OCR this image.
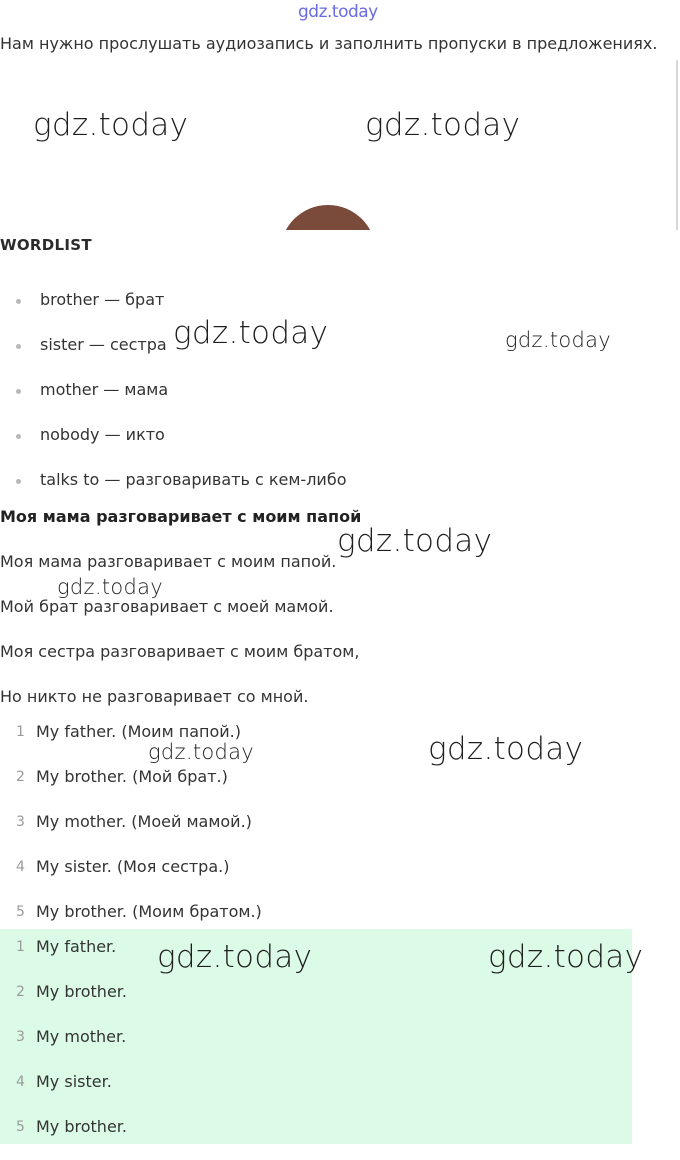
gdz.today
Нам нужно прослушать аудиозапись и заполнить пропуски в предложениях.
gdz.today	gdz.today
WORDLIST
brother — брат
sister — сестра
mother — мама
nobody — икто
talks to — разговаривать с кем-либо
gdz.today	gdz.today
Моя мама разговаривает с моим папой
Моя мама разговаривает с моим папой.
Мой брат разговаривает с моей мамой.
Моя сестра разговаривает с моим братом,
Но никто не разговаривает со мной.
gdz.today
gdz.today
1 My father. (Моим папой.)
2 My brother. (Мой брат.)
3 My mother. (Моей мамой.)
4 My sister. (Моя сестра.)
5 My brother. (Моим братом.)
gdz.today	gdz.today
1 My father.
2 My brother.
3 My mother.
4 My sister.
5 My brother.
gdz.today	gdz.today
